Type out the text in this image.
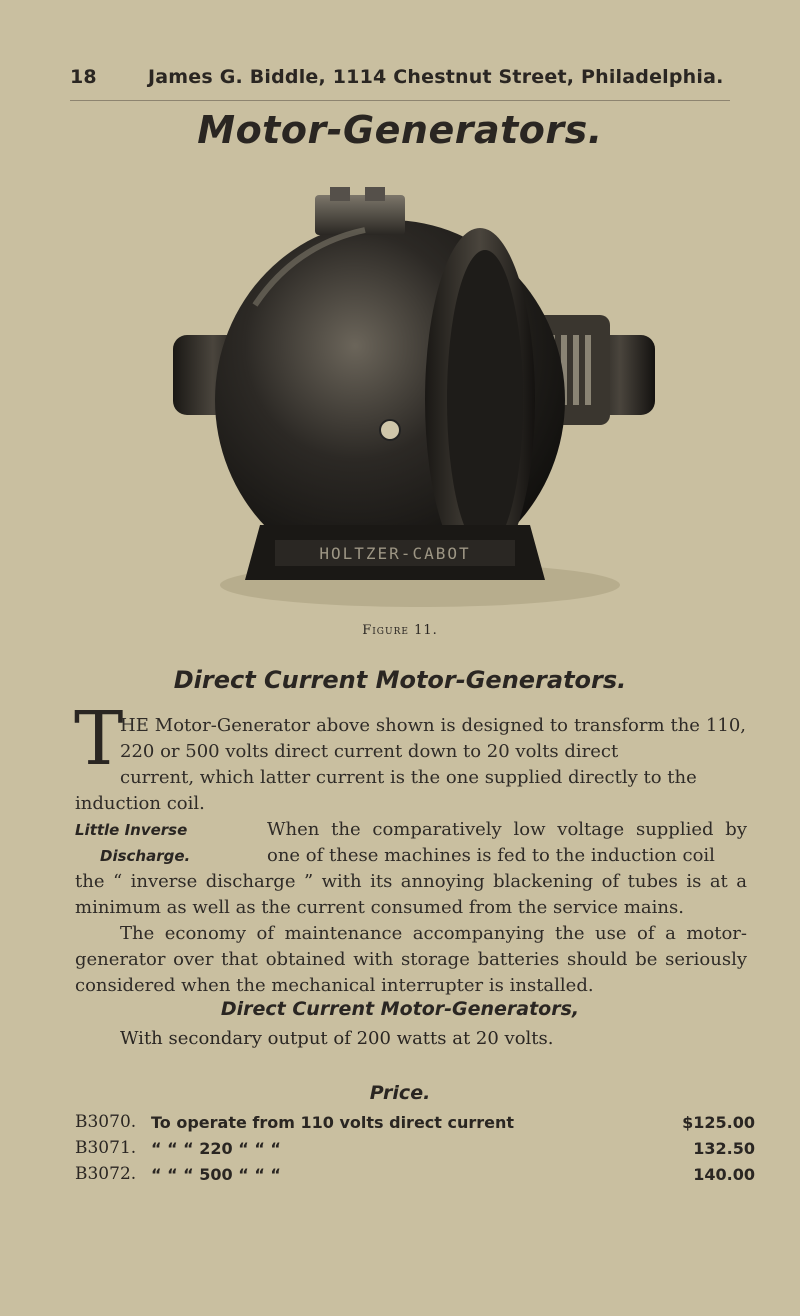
18	James G. Biddle, 1114 Chestnut Street, Philadelphia.
Motor-Generators.
HOLTZER-CABOT
Figure 11.
Direct Current Motor-Generators.
T
HE Motor-Generator above shown is designed to transform the 110, 220 or 500 volts direct current down to 20 volts direct
current, which latter current is the one supplied directly to the
induction coil.
Little Inverse
Discharge.
When the comparatively low voltage supplied by one of these machines is fed to the induction coil
the “ inverse discharge ” with its annoying blackening of tubes is at a minimum as well as the current consumed from the service mains.
The economy of maintenance accompanying the use of a motor-generator over that obtained with storage batteries should be seriously considered when the mechanical interrupter is installed.
Direct Current Motor-Generators,
With secondary output of 200 watts at 20 volts.
Price.
B3070. To operate from 110 volts direct current	$125.00
B3071. “ “ “ 220 “ “ “	132.50
B3072. “ “ “ 500 “ “ “	140.00
